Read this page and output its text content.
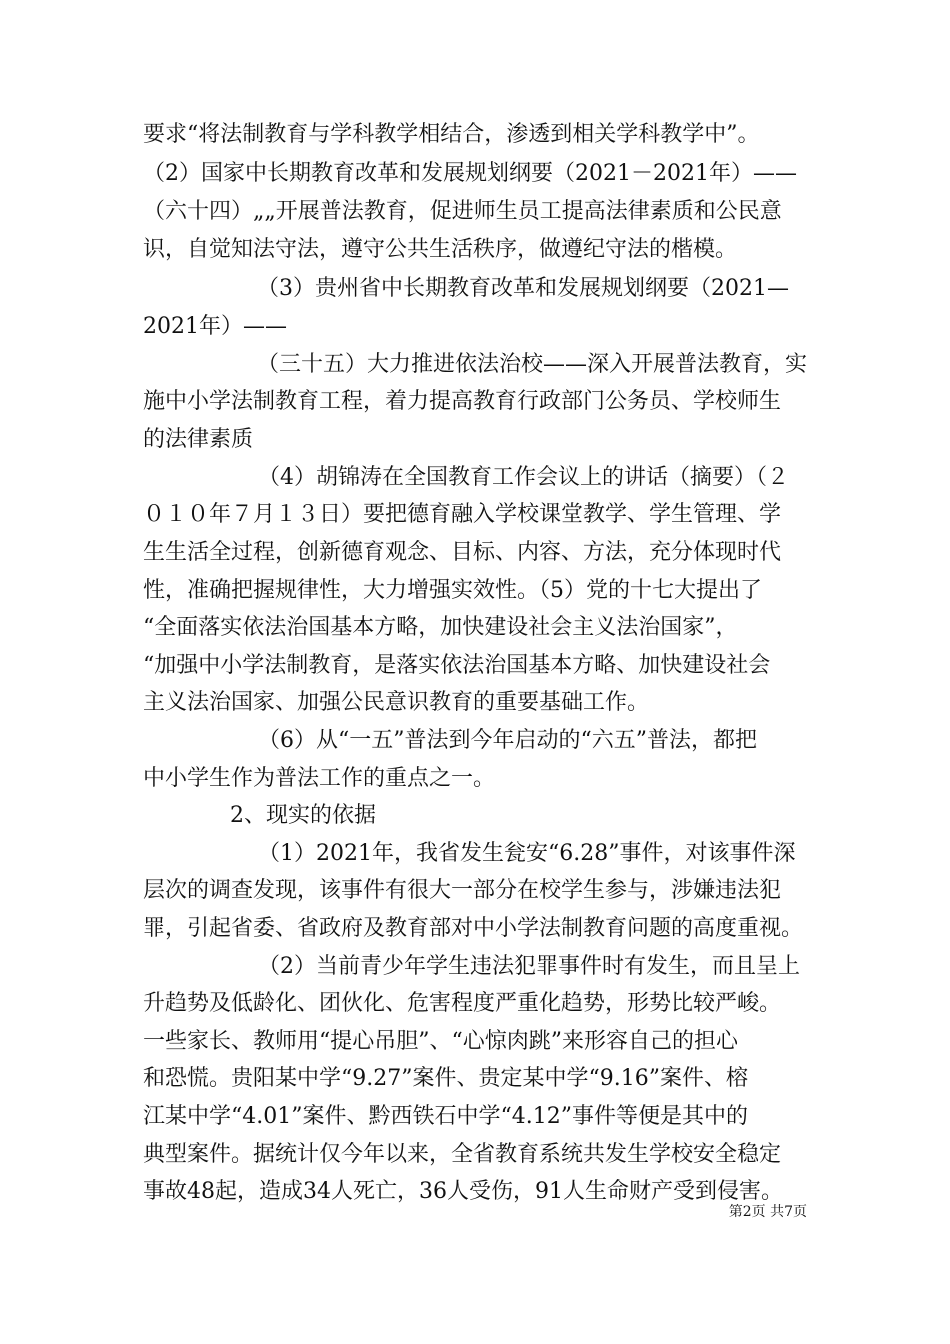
要求“将法制教育与学科教学相结合，渗透到相关学科教学中”。
（2）国家中长期教育改革和发展规划纲要（2021－2021年）——
（六十四）„„开展普法教育，促进师生员工提高法律素质和公民意
识，自觉知法守法，遵守公共生活秩序，做遵纪守法的楷模。
（3）贵州省中长期教育改革和发展规划纲要（2021—
2021年）——
（三十五）大力推进依法治校——深入开展普法教育，实
施中小学法制教育工程，着力提高教育行政部门公务员、学校师生
的法律素质
（4）胡锦涛在全国教育工作会议上的讲话（摘要）（２
０１０年７月１３日）要把德育融入学校课堂教学、学生管理、学
生生活全过程，创新德育观念、目标、内容、方法，充分体现时代
性，准确把握规律性，大力增强实效性。（5）党的十七大提出了
“全面落实依法治国基本方略，加快建设社会主义法治国家”，
“加强中小学法制教育，是落实依法治国基本方略、加快建设社会
主义法治国家、加强公民意识教育的重要基础工作。
（6）从“一五”普法到今年启动的“六五”普法，都把
中小学生作为普法工作的重点之一。
2、现实的依据
（1）2021年，我省发生瓮安“6.28”事件，对该事件深
层次的调查发现，该事件有很大一部分在校学生参与，涉嫌违法犯
罪，引起省委、省政府及教育部对中小学法制教育问题的高度重视。
（2）当前青少年学生违法犯罪事件时有发生，而且呈上
升趋势及低龄化、团伙化、危害程度严重化趋势，形势比较严峻。
一些家长、教师用“提心吊胆”、“心惊肉跳”来形容自己的担心
和恐慌。贵阳某中学“9.27”案件、贵定某中学“9.16”案件、榕
江某中学“4.01”案件、黔西铁石中学“4.12”事件等便是其中的
典型案件。据统计仅今年以来，全省教育系统共发生学校安全稳定
事故48起，造成34人死亡，36人受伤，91人生命财产受到侵害。
第2页 共7页
